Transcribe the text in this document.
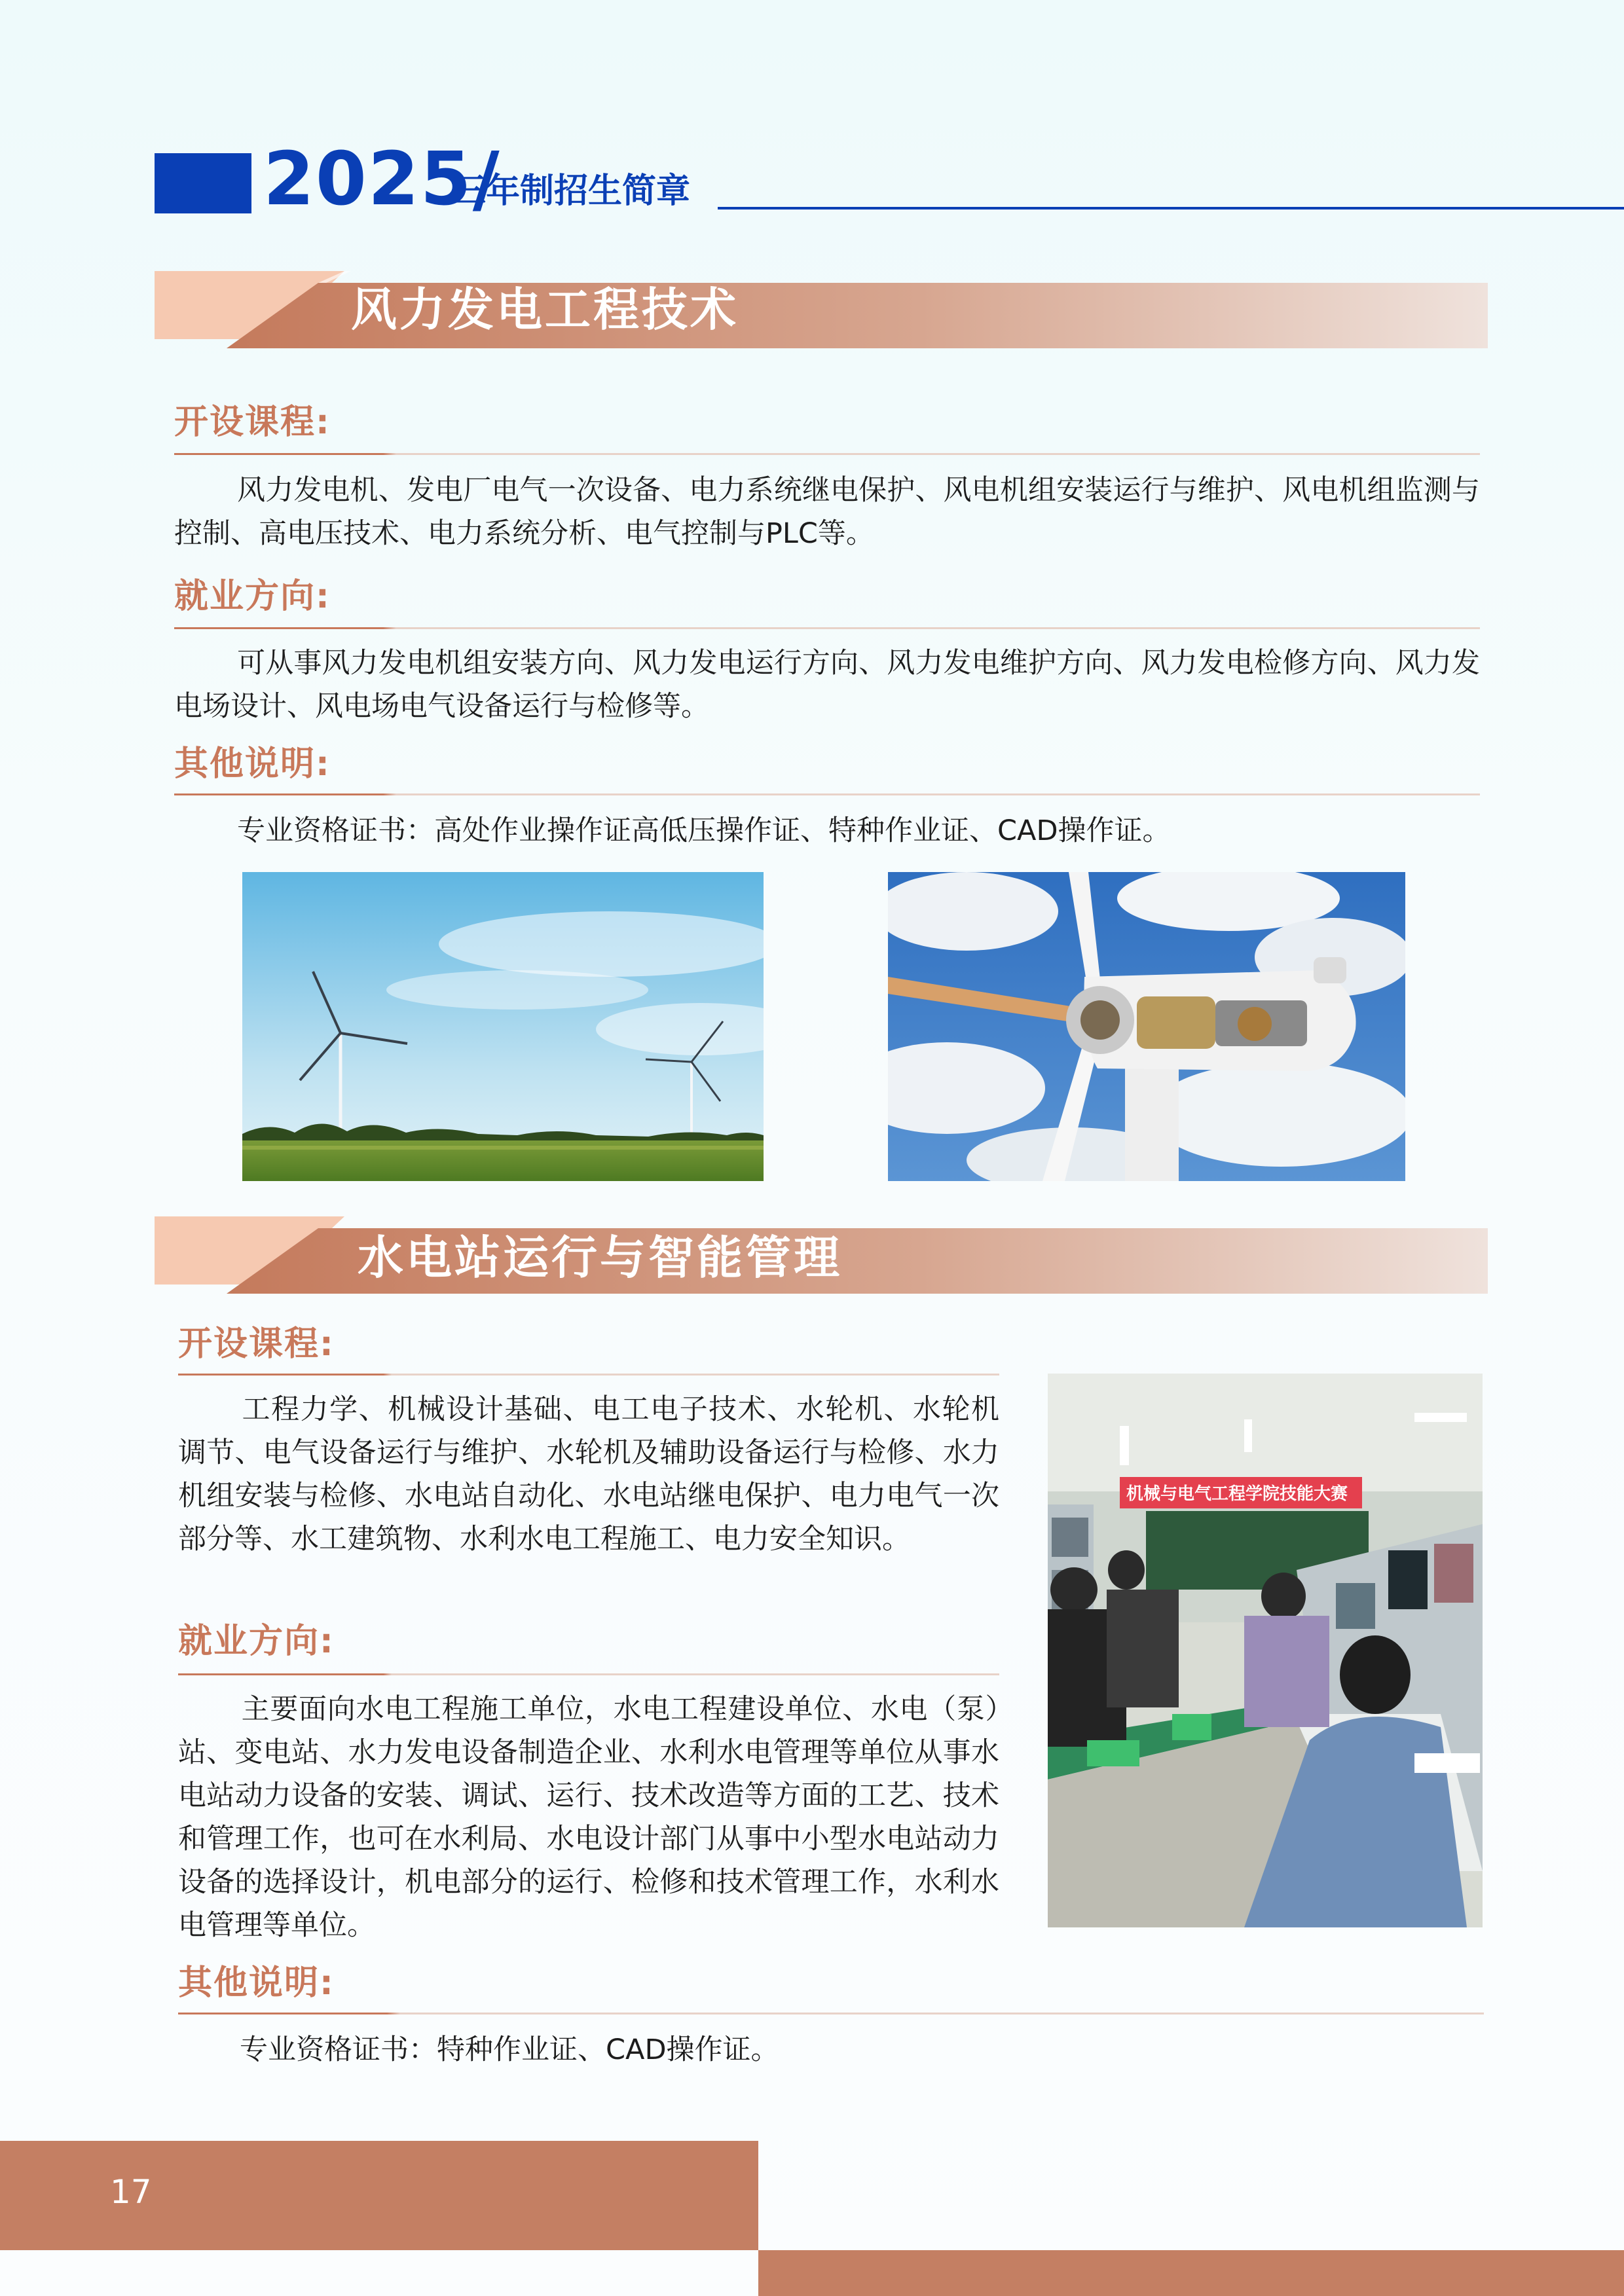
2025/
三年制招生简章
风力发电工程技术
开设课程:

风力发电机、发电厂电气一次设备、电力系统继电保护、风电机组安装运行与维护、风电机组监测与控制、高电压技术、电力系统分析、电气控制与PLC等。

就业方向:

可从事风力发电机组安装方向、风力发电运行方向、风力发电维护方向、风力发电检修方向、风力发电场设计、风电场电气设备运行与检修等。

其他说明:

专业资格证书：高处作业操作证高低压操作证、特种作业证、CAD操作证。

水电站运行与智能管理
开设课程:

工程力学、机械设计基础、电工电子技术、水轮机、水轮机调节、电气设备运行与维护、水轮机及辅助设备运行与检修、水力机组安装与检修、水电站自动化、水电站继电保护、电力电气一次部分等、水工建筑物、水利水电工程施工、电力安全知识。

就业方向:

主要面向水电工程施工单位，水电工程建设单位、水电（泵）站、变电站、水力发电设备制造企业、水利水电管理等单位从事水电站动力设备的安装、调试、运行、技术改造等方面的工艺、技术和管理工作，也可在水利局、水电设计部门从事中小型水电站动力设备的选择设计，机电部分的运行、检修和技术管理工作，水利水电管理等单位。

其他说明:

专业资格证书：特种作业证、CAD操作证。

机械与电气工程学院技能大赛
17
